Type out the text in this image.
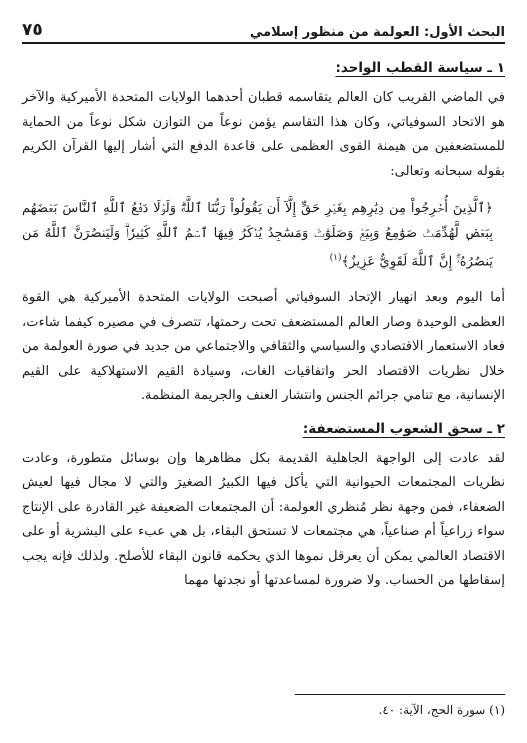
البحث الأول: العولمة من منظور إسلامي
٧٥
١ ـ سياسة القطب الواحد:

في الماضي القريب كان العالم يتقاسمه قطبان أحدهما الولايات المتحدة الأميركية والآخر هو الاتحاد السوفياتي، وكان هذا التقاسم يؤمن نوعاً من التوازن شكل نوعاً من الحماية للمستضعفين من هيمنة القوى العظمى على قاعدة الدفع التي أشار إليها القرآن الكريم بقوله سبحانه وتعالى:

﴿ٱلَّذِينَ أُخۡرِجُواْ مِن دِيَٰرِهِم بِغَيۡرِ حَقٍّ إِلَّآ أَن يَقُولُواْ رَبُّنَا ٱللَّهُۗ وَلَوۡلَا دَفۡعُ ٱللَّهِ ٱلنَّاسَ بَعۡضَهُم بِبَعۡضٖ لَّهُدِّمَتۡ صَوَٰمِعُ وَبِيَعٞ وَصَلَوَٰتٞ وَمَسَٰجِدُ يُذۡكَرُ فِيهَا ٱسۡمُ ٱللَّهِ كَثِيرٗاۗ وَلَيَنصُرَنَّ ٱللَّهُ مَن يَنصُرُهُۥٓۚ إِنَّ ٱللَّهَ لَقَوِيٌّ عَزِيزٌ﴾$^{(١)}$

أما اليوم وبعد انهيار الإتحاد السوفياتي أصبحت الولايات المتحدة الأميركية هي القوة العظمى الوحيدة وصار العالم المستضعف تحت رحمتها، تتصرف في مصيره كيفما شاءت، فعاد الاستعمار الاقتصادي والسياسي والثقافي والاجتماعي من جديد في صورة العولمة من خلال نظريات الاقتصاد الحر واتفاقيات الغات، وسيادة القيم الاستهلاكية على القيم الإنسانية، مع تنامي جرائم الجنس وانتشار العنف والجريمة المنظمة.

٢ ـ سحق الشعوب المستضعفة:

لقد عادت إلى الواجهة الجاهلية القديمة بكل مظاهرها وإن بوسائل متطورة، وعادت نظريات المجتمعات الحيوانية التي يأكل فيها الكبيرُ الصغيرَ والتي لا مجال فيها لعيش الضعفاء، فمن وجهة نظر مُنظري العولمة: أن المجتمعات الضعيفة غير القادرة على الإنتاج سواء زراعياً أم صناعياً، هي مجتمعات لا تستحق البقاء، بل هي عبء على البشرية أو على الاقتصاد العالمي يمكن أن يعرقل نموها الذي يحكمه قانون البقاء للأصلح. ولذلك فإنه يجب إسقاطها من الحساب. ولا ضرورة لمساعدتها أو نجدتها مهما

(١) سورة الحج، الآية: ٤٠.
